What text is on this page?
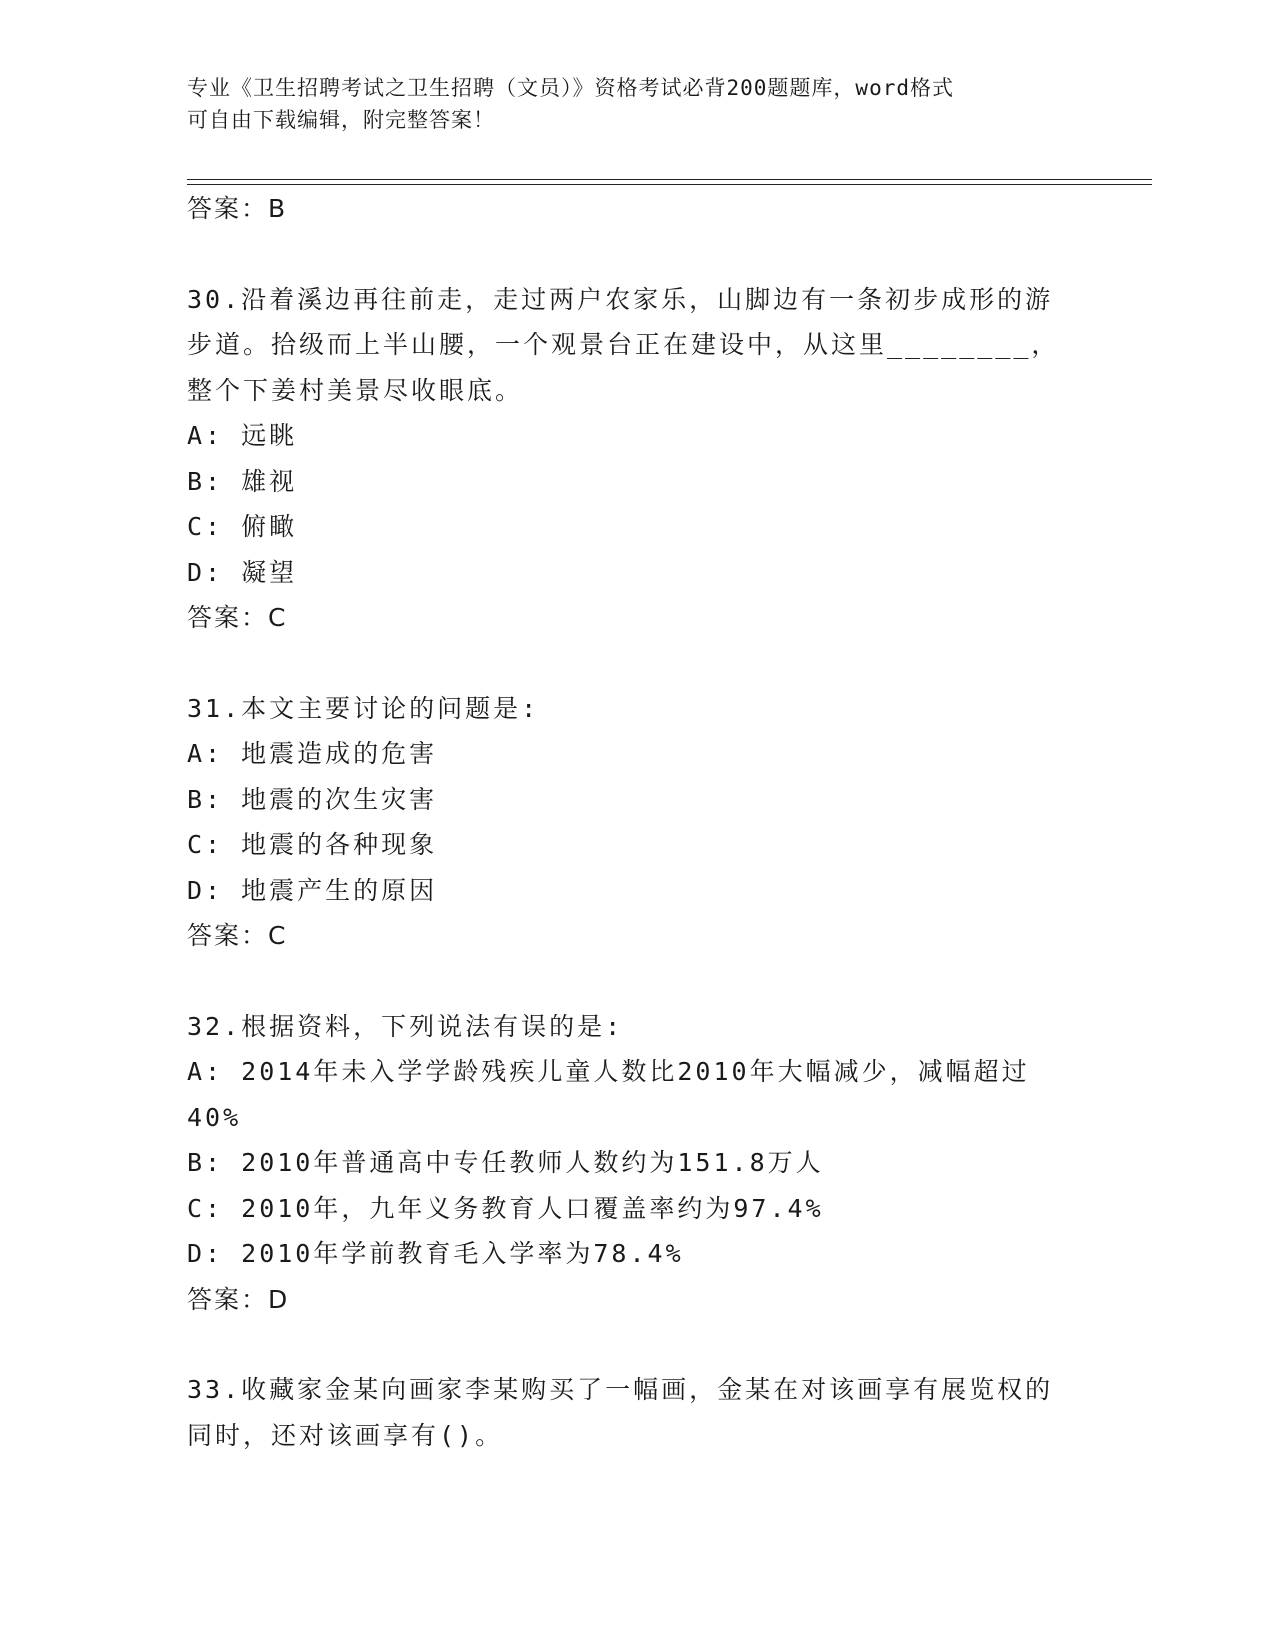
专业《卫生招聘考试之卫生招聘（文员）》资格考试必背200题题库，word格式
可自由下载编辑，附完整答案！
答案：B
30.沿着溪边再往前走，走过两户农家乐，山脚边有一条初步成形的游
步道。拾级而上半山腰，一个观景台正在建设中，从这里________，
整个下姜村美景尽收眼底。
A: 远眺
B: 雄视
C: 俯瞰
D: 凝望
答案：C
31.本文主要讨论的问题是:
A: 地震造成的危害
B: 地震的次生灾害
C: 地震的各种现象
D: 地震产生的原因
答案：C
32.根据资料，下列说法有误的是:
A: 2014年未入学学龄残疾儿童人数比2010年大幅减少，减幅超过
40%
B: 2010年普通高中专任教师人数约为151.8万人
C: 2010年，九年义务教育人口覆盖率约为97.4%
D: 2010年学前教育毛入学率为78.4%
答案：D
33.收藏家金某向画家李某购买了一幅画，金某在对该画享有展览权的
同时，还对该画享有()。
